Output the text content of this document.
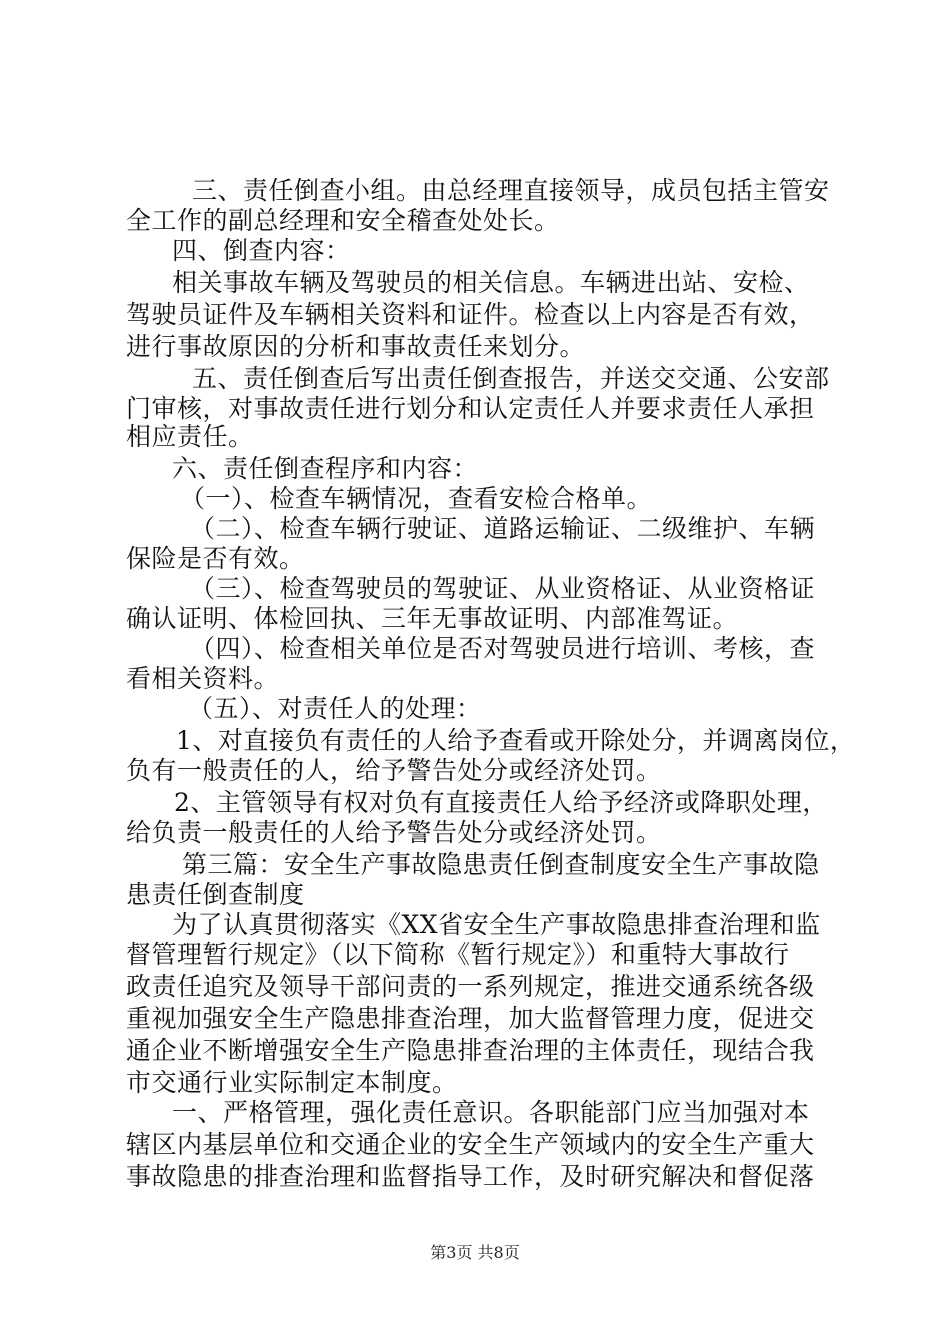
三、责任倒查小组。由总经理直接领导，成员包括主管安
全工作的副总经理和安全稽查处处长。
四、倒查内容：
相关事故车辆及驾驶员的相关信息。车辆进出站、安检、
驾驶员证件及车辆相关资料和证件。检查以上内容是否有效，
进行事故原因的分析和事故责任来划分。
五、责任倒查后写出责任倒查报告，并送交交通、公安部
门审核，对事故责任进行划分和认定责任人并要求责任人承担
相应责任。
六、责任倒查程序和内容：
（一）、检查车辆情况，查看安检合格单。
（二）、检查车辆行驶证、道路运输证、二级维护、车辆
保险是否有效。
（三）、检查驾驶员的驾驶证、从业资格证、从业资格证
确认证明、体检回执、三年无事故证明、内部准驾证。
（四）、检查相关单位是否对驾驶员进行培训、考核，查
看相关资料。
（五）、对责任人的处理：
1、对直接负有责任的人给予查看或开除处分，并调离岗位，
负有一般责任的人，给予警告处分或经济处罚。
2、主管领导有权对负有直接责任人给予经济或降职处理，
给负责一般责任的人给予警告处分或经济处罚。
第三篇：安全生产事故隐患责任倒查制度安全生产事故隐
患责任倒查制度
为了认真贯彻落实《XX省安全生产事故隐患排查治理和监
督管理暂行规定》（以下简称《暂行规定》）和重特大事故行
政责任追究及领导干部问责的一系列规定，推进交通系统各级
重视加强安全生产隐患排查治理，加大监督管理力度，促进交
通企业不断增强安全生产隐患排查治理的主体责任，现结合我
市交通行业实际制定本制度。
一、严格管理，强化责任意识。各职能部门应当加强对本
辖区内基层单位和交通企业的安全生产领域内的安全生产重大
事故隐患的排查治理和监督指导工作，及时研究解决和督促落
第3页 共8页
